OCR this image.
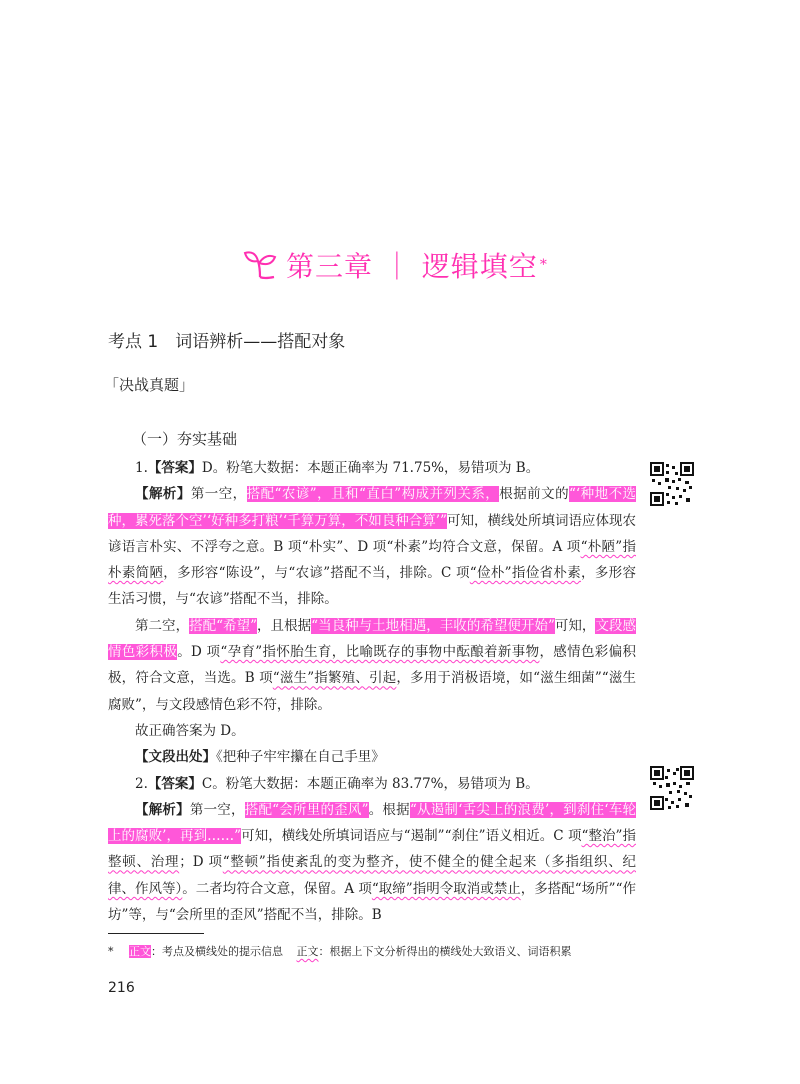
第三章 ｜ 逻辑填空 *
考点 1　词语辨析——搭配对象
「决战真题」
（一）夯实基础

1.【答案】D。粉笔大数据：本题正确率为 71.75%，易错项为 B。

【解析】第一空，搭配“农谚”，且和“直白”构成并列关系，根据前文的“‘种地不选种，累死落个空’‘好种多打粮’‘千算万算，不如良种合算’”可知，横线处所填词语应体现农谚语言朴实、不浮夸之意。B 项“朴实”、D 项“朴素”均符合文意，保留。A 项“朴陋”指朴素简陋，多形容“陈设”，与“农谚”搭配不当，排除。C 项“俭朴”指俭省朴素，多形容生活习惯，与“农谚”搭配不当，排除。

第二空，搭配“希望”，且根据“当良种与土地相遇，丰收的希望便开始”可知，文段感情色彩积极。D 项“孕育”指怀胎生育，比喻既存的事物中酝酿着新事物，感情色彩偏积极，符合文意，当选。B 项“滋生”指繁殖、引起，多用于消极语境，如“滋生细菌”“滋生腐败”，与文段感情色彩不符，排除。

故正确答案为 D。

【文段出处】《把种子牢牢攥在自己手里》

2.【答案】C。粉笔大数据：本题正确率为 83.77%，易错项为 B。

【解析】第一空，搭配“会所里的歪风”。根据“从遏制‘舌尖上的浪费’，到刹住‘车轮上的腐败’，再到……”可知，横线处所填词语应与“遏制”“刹住”语义相近。C 项“整治”指整顿、治理；D 项“整顿”指使紊乱的变为整齐，使不健全的健全起来（多指组织、纪律、作风等）。二者均符合文意，保留。A 项“取缔”指明令取消或禁止，多搭配“场所”“作坊”等，与“会所里的歪风”搭配不当，排除。B

* 正文：考点及横线处的提示信息 正文：根据上下文分析得出的横线处大致语义、词语积累
216
